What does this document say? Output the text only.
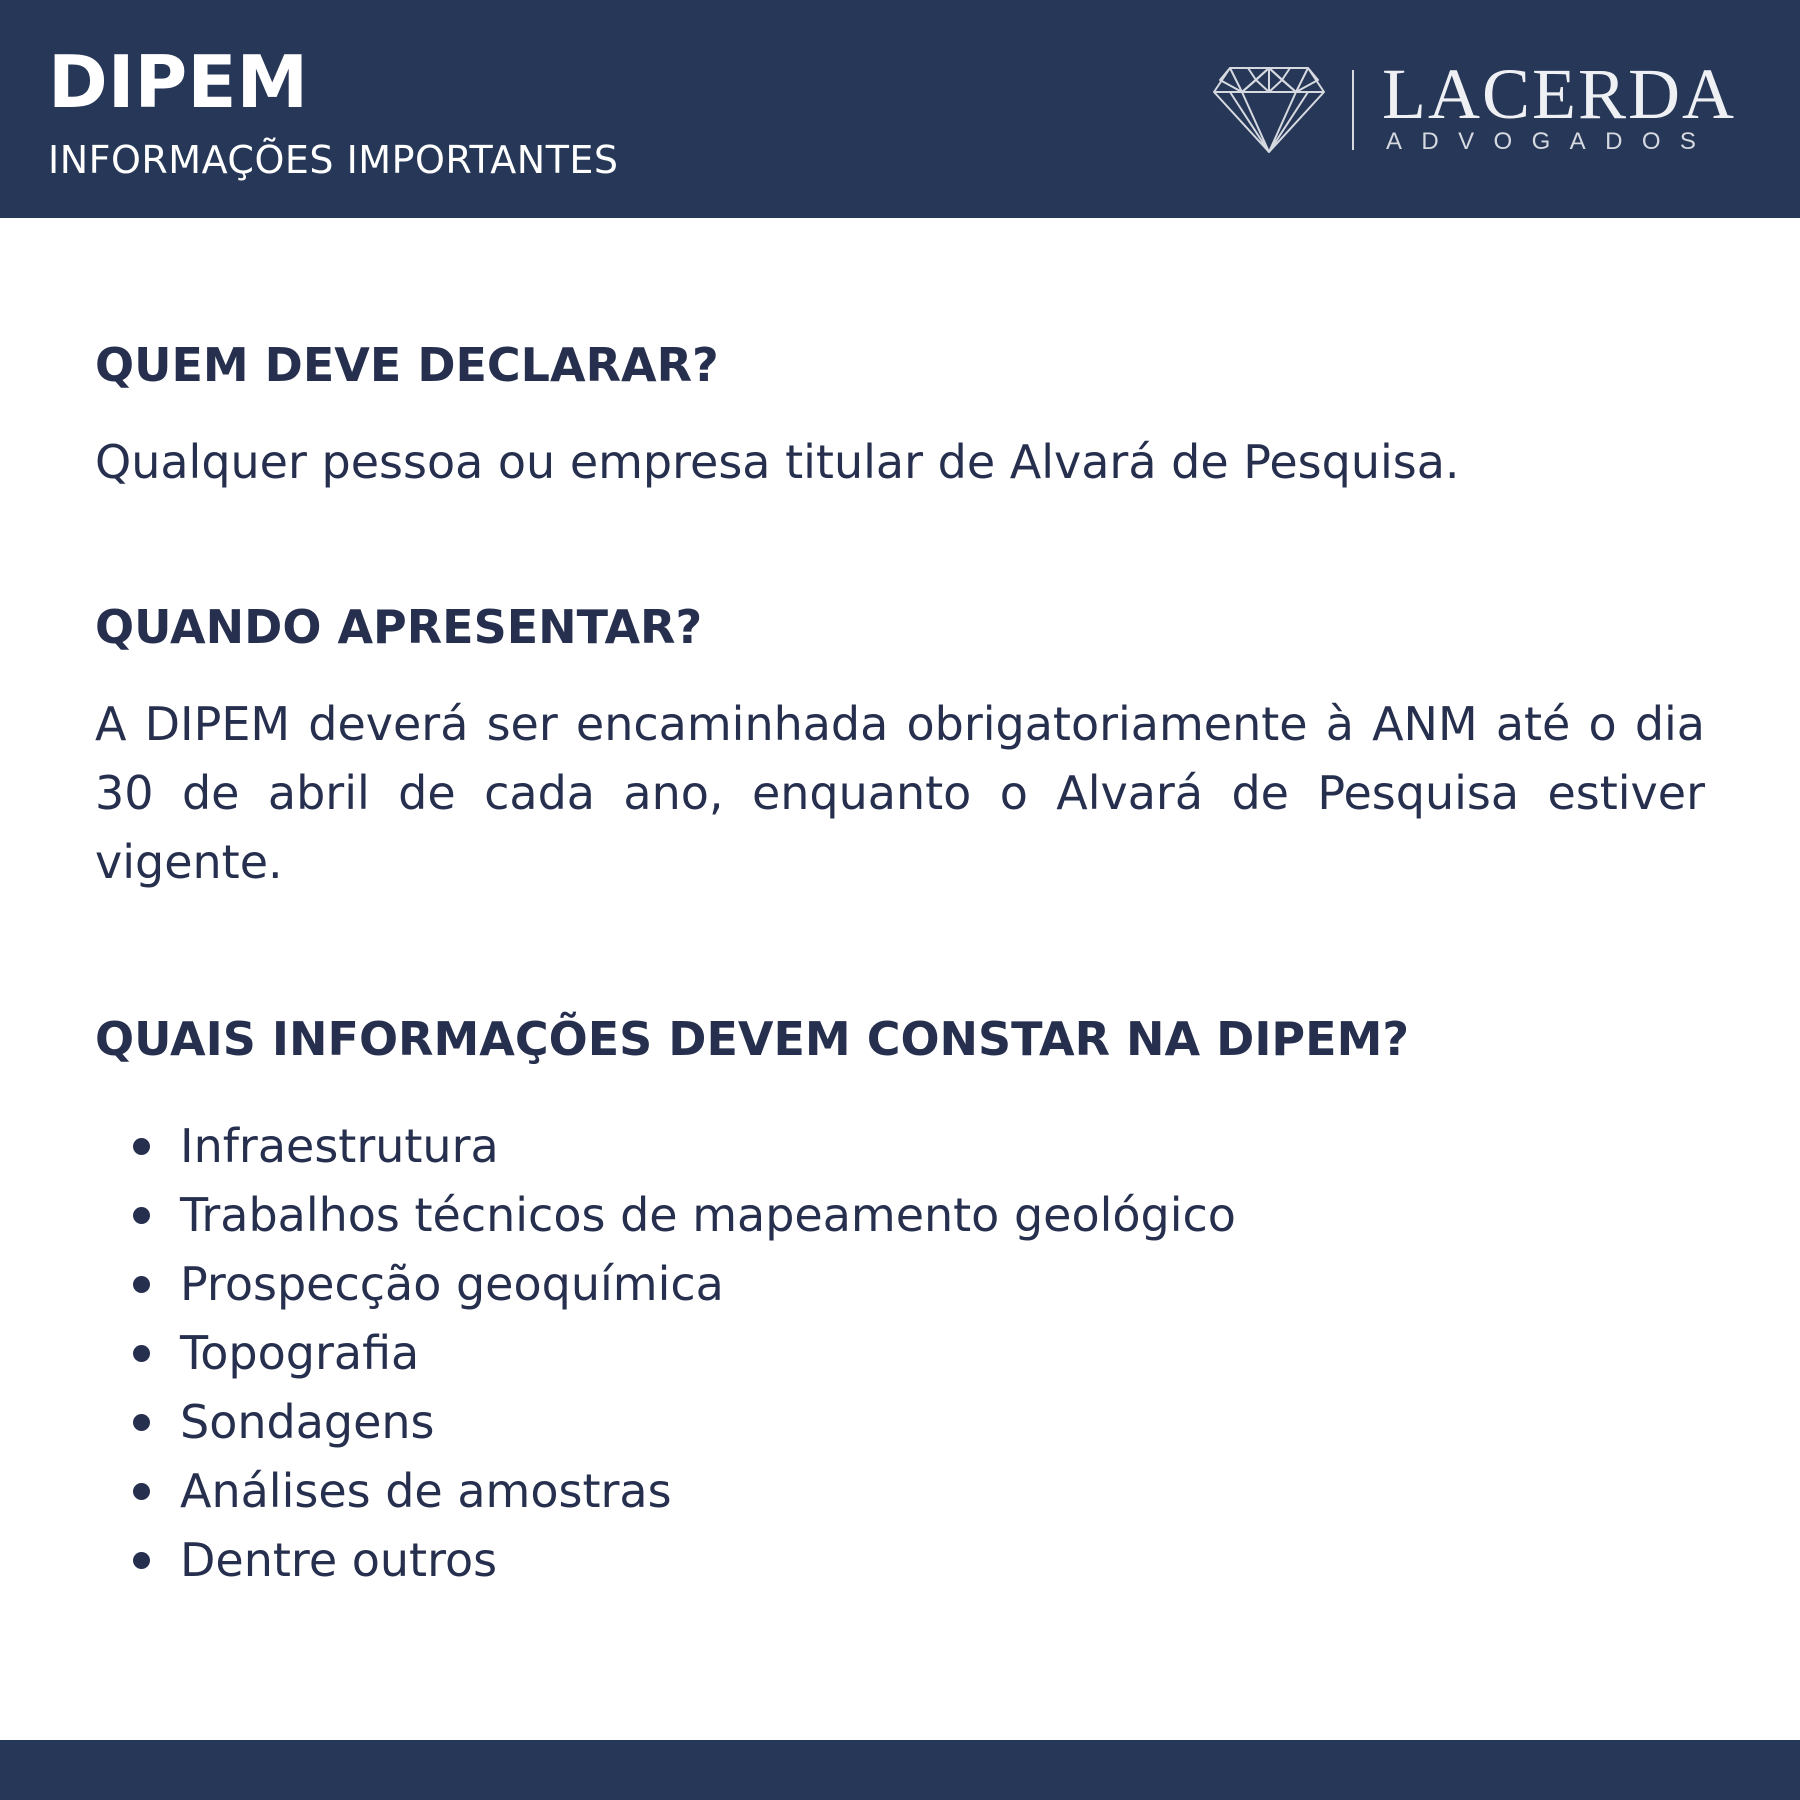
DIPEM
INFORMAÇÕES IMPORTANTES
LACERDA
ADVOGADOS
QUEM DEVE DECLARAR?

Qualquer pessoa ou empresa titular de Alvará de Pesquisa.

QUANDO APRESENTAR?

A DIPEM deverá ser encaminhada obrigatoriamente à ANM até o dia 30 de abril de cada ano, enquanto o Alvará de Pesquisa estiver vigente.

QUAIS INFORMAÇÕES DEVEM CONSTAR NA DIPEM?
Infraestrutura
Trabalhos técnicos de mapeamento geológico
Prospecção geoquímica
Topografia
Sondagens
Análises de amostras
Dentre outros
